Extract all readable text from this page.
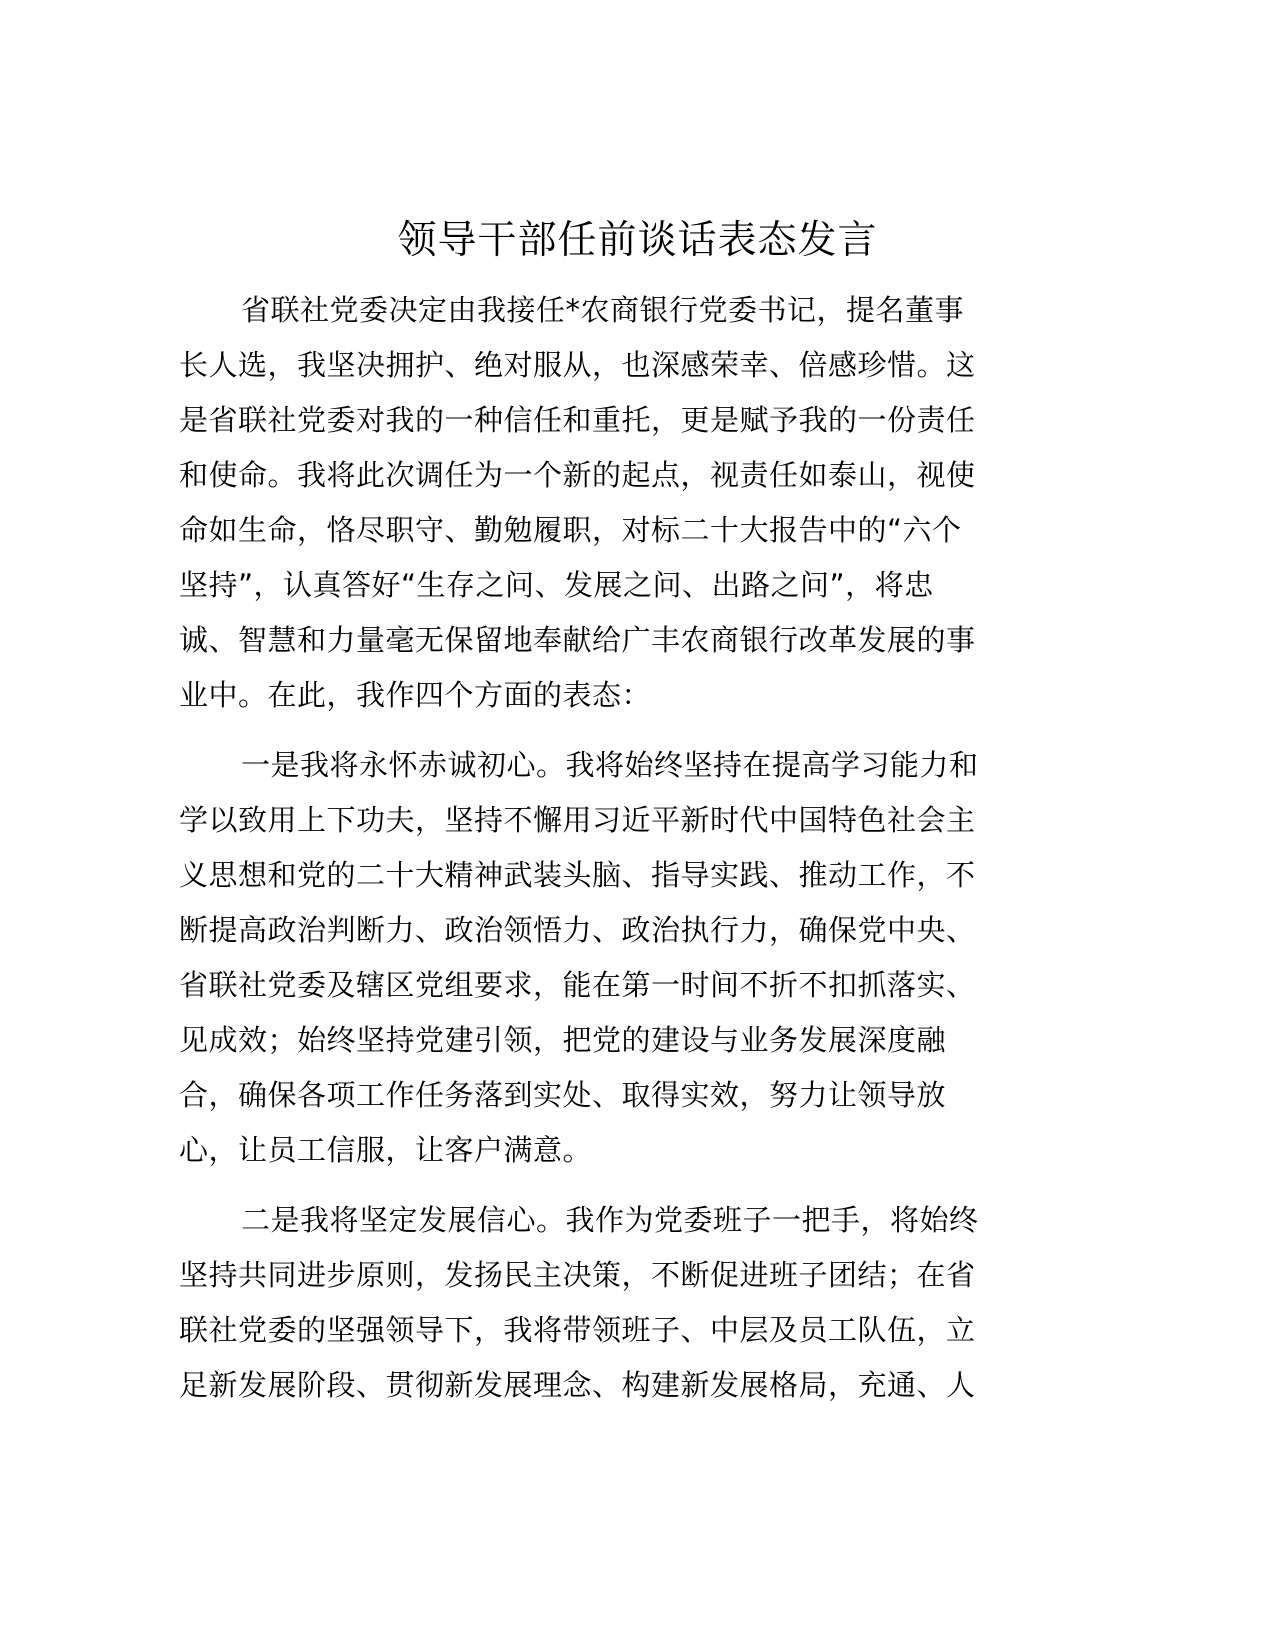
领导干部任前谈话表态发言
省联社党委决定由我接任*农商银行党委书记，提名董事
长人选，我坚决拥护、绝对服从，也深感荣幸、倍感珍惜。这
是省联社党委对我的一种信任和重托，更是赋予我的一份责任
和使命。我将此次调任为一个新的起点，视责任如泰山，视使
命如生命，恪尽职守、勤勉履职，对标二十大报告中的“六个
坚持”，认真答好“生存之问、发展之问、出路之问”，将忠
诚、智慧和力量毫无保留地奉献给广丰农商银行改革发展的事
业中。在此，我作四个方面的表态：
一是我将永怀赤诚初心。我将始终坚持在提高学习能力和
学以致用上下功夫，坚持不懈用习近平新时代中国特色社会主
义思想和党的二十大精神武装头脑、指导实践、推动工作，不
断提高政治判断力、政治领悟力、政治执行力，确保党中央、
省联社党委及辖区党组要求，能在第一时间不折不扣抓落实、
见成效；始终坚持党建引领，把党的建设与业务发展深度融
合，确保各项工作任务落到实处、取得实效，努力让领导放
心，让员工信服，让客户满意。
二是我将坚定发展信心。我作为党委班子一把手，将始终
坚持共同进步原则，发扬民主决策，不断促进班子团结；在省
联社党委的坚强领导下，我将带领班子、中层及员工队伍，立
足新发展阶段、贯彻新发展理念、构建新发展格局，充通、人
